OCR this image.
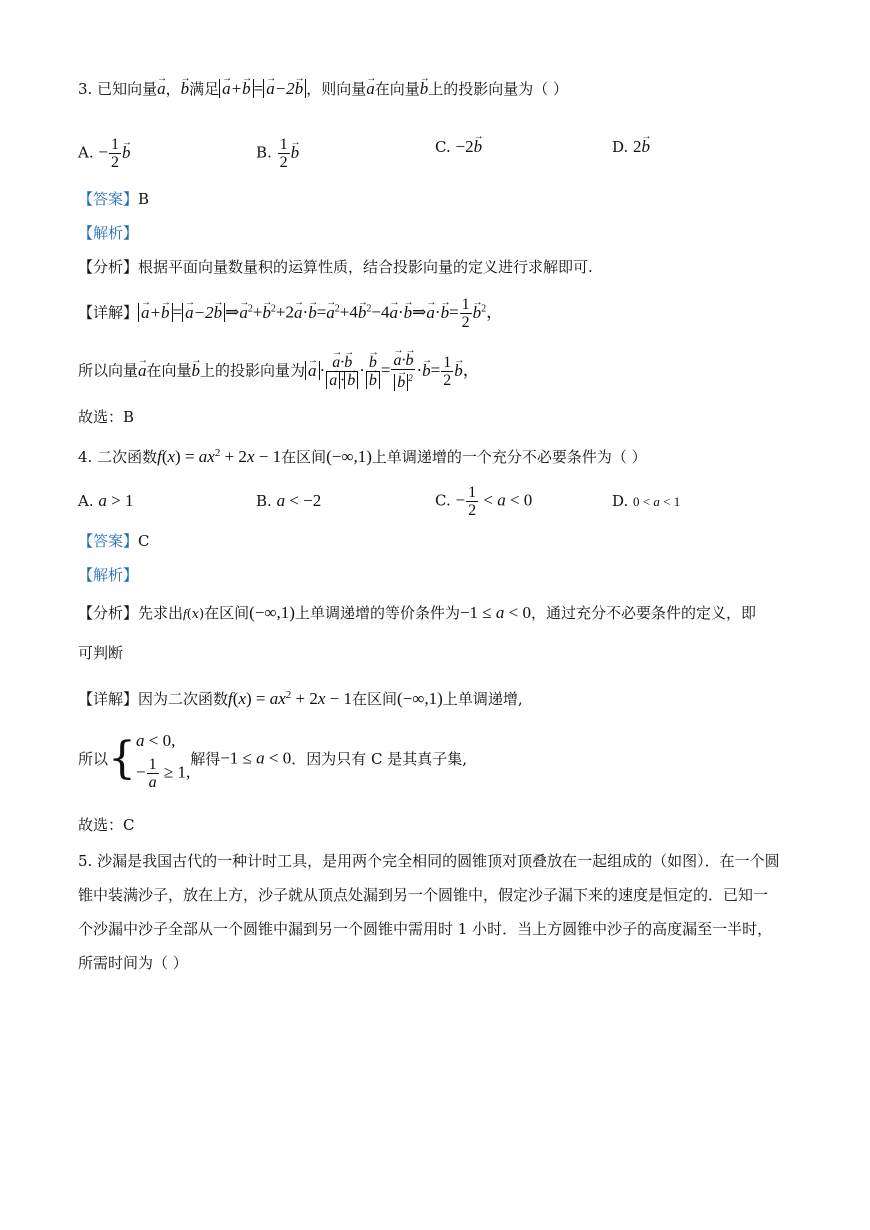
3. 已知向量→ a，→ b满足→ a+→ b =→ a−2→ b ，则向量→ a在向量→ b上的投影向量为（ ）
A. − $\frac{1}{2}$
→ b	B. $\frac{1}{2}$
→ b	C. −2→ b	D. 2→ b
【答案】B
【解析】
【分析】根据平面向量数量积的运算性质，结合投影向量的定义进行求解即可.
【详解】→ a+→ b =→ a−2→ b ⇒→ $a^2+\to b^2+2\to a\cdot\to b=\to a^2+4\to b^2-4\to a\cdot\to$ b⇒→ $a\cdot\to b= \frac{1}{2}$
→ $b^2$，
所以向量→ a在向量→ b上的投影向量为→ a ·
→ a·→ b
→ a ·→ b ·
→ b
→ b =
→ a·→ b
→ b $^2 \cdot\to b= \frac{1}{2}$
→ b，
故选：B
4. 二次函数$f(x) = ax^2 + 2x - 1$在区间(−∞,1)上单调递增的一个充分不必要条件为（ ）
A. a > 1	B. a < −2	C. − $\frac{1}{2} < a < 0$	D. 0 < a < 1
【答案】C
【解析】
【分析】先求出f(x)在区间(−∞,1)上单调递增的等价条件为−1 ≤ a < 0，通过充分不必要条件的定义，即
可判断
【详解】因为二次函数$f(x) = ax^2 + 2x - 1$在区间(−∞,1)上单调递增,
所以{ a < 0,
− $\frac{1}{a} \ge 1$,
解得−1 ≤ a < 0．因为只有 C 是其真子集,
故选：C
5. 沙漏是我国古代的一种计时工具，是用两个完全相同的圆锥顶对顶叠放在一起组成的（如图）．在一个圆
锥中装满沙子，放在上方，沙子就从顶点处漏到另一个圆锥中，假定沙子漏下来的速度是恒定的．已知一
个沙漏中沙子全部从一个圆锥中漏到另一个圆锥中需用时 1 小时．当上方圆锥中沙子的高度漏至一半时，
所需时间为（ ）
